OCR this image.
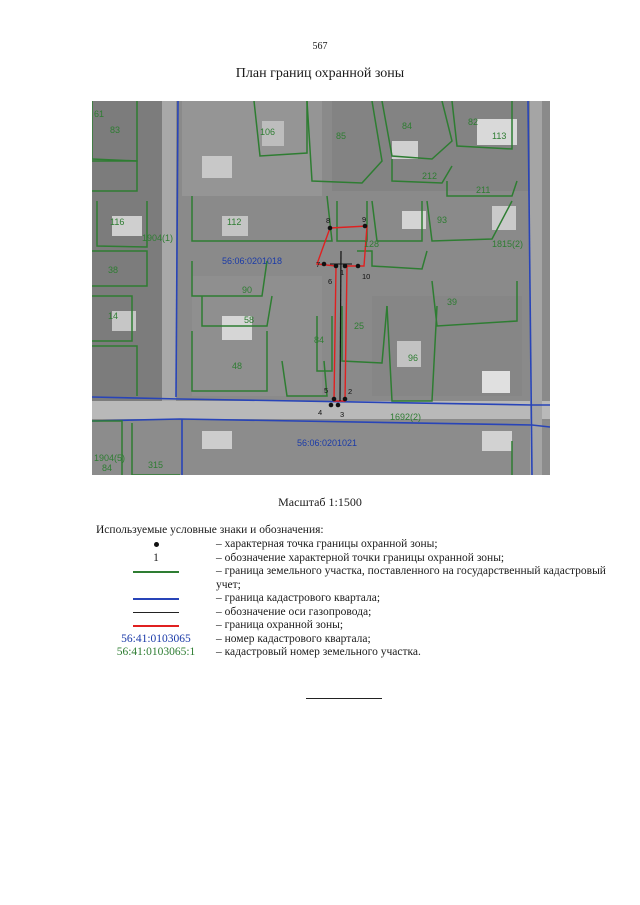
567
План границ охранной зоны
8	9
7
1
6
10
5	2
4 3
56:06:0201018
56:06:0201021
61
83	106	85
84	82
113
212
211
116
1904(1)
112	93
128	1815(2)
38
90
39
14	58
84
25
96
48
1692(2)
1904(5)
84	315
Масштаб 1:1500
Используемые условные знаки и обозначения:
– характерная точка границы охранной зоны;
1	– обозначение характерной точки границы охранной зоны;
– граница земельного участка, поставленного на государственный кадастровый учет;
– граница кадастрового квартала;
– обозначение оси газопровода;
– граница охранной зоны;
56:41:0103065 – номер кадастрового квартала;
56:41:0103065:1 – кадастровый номер земельного участка.
